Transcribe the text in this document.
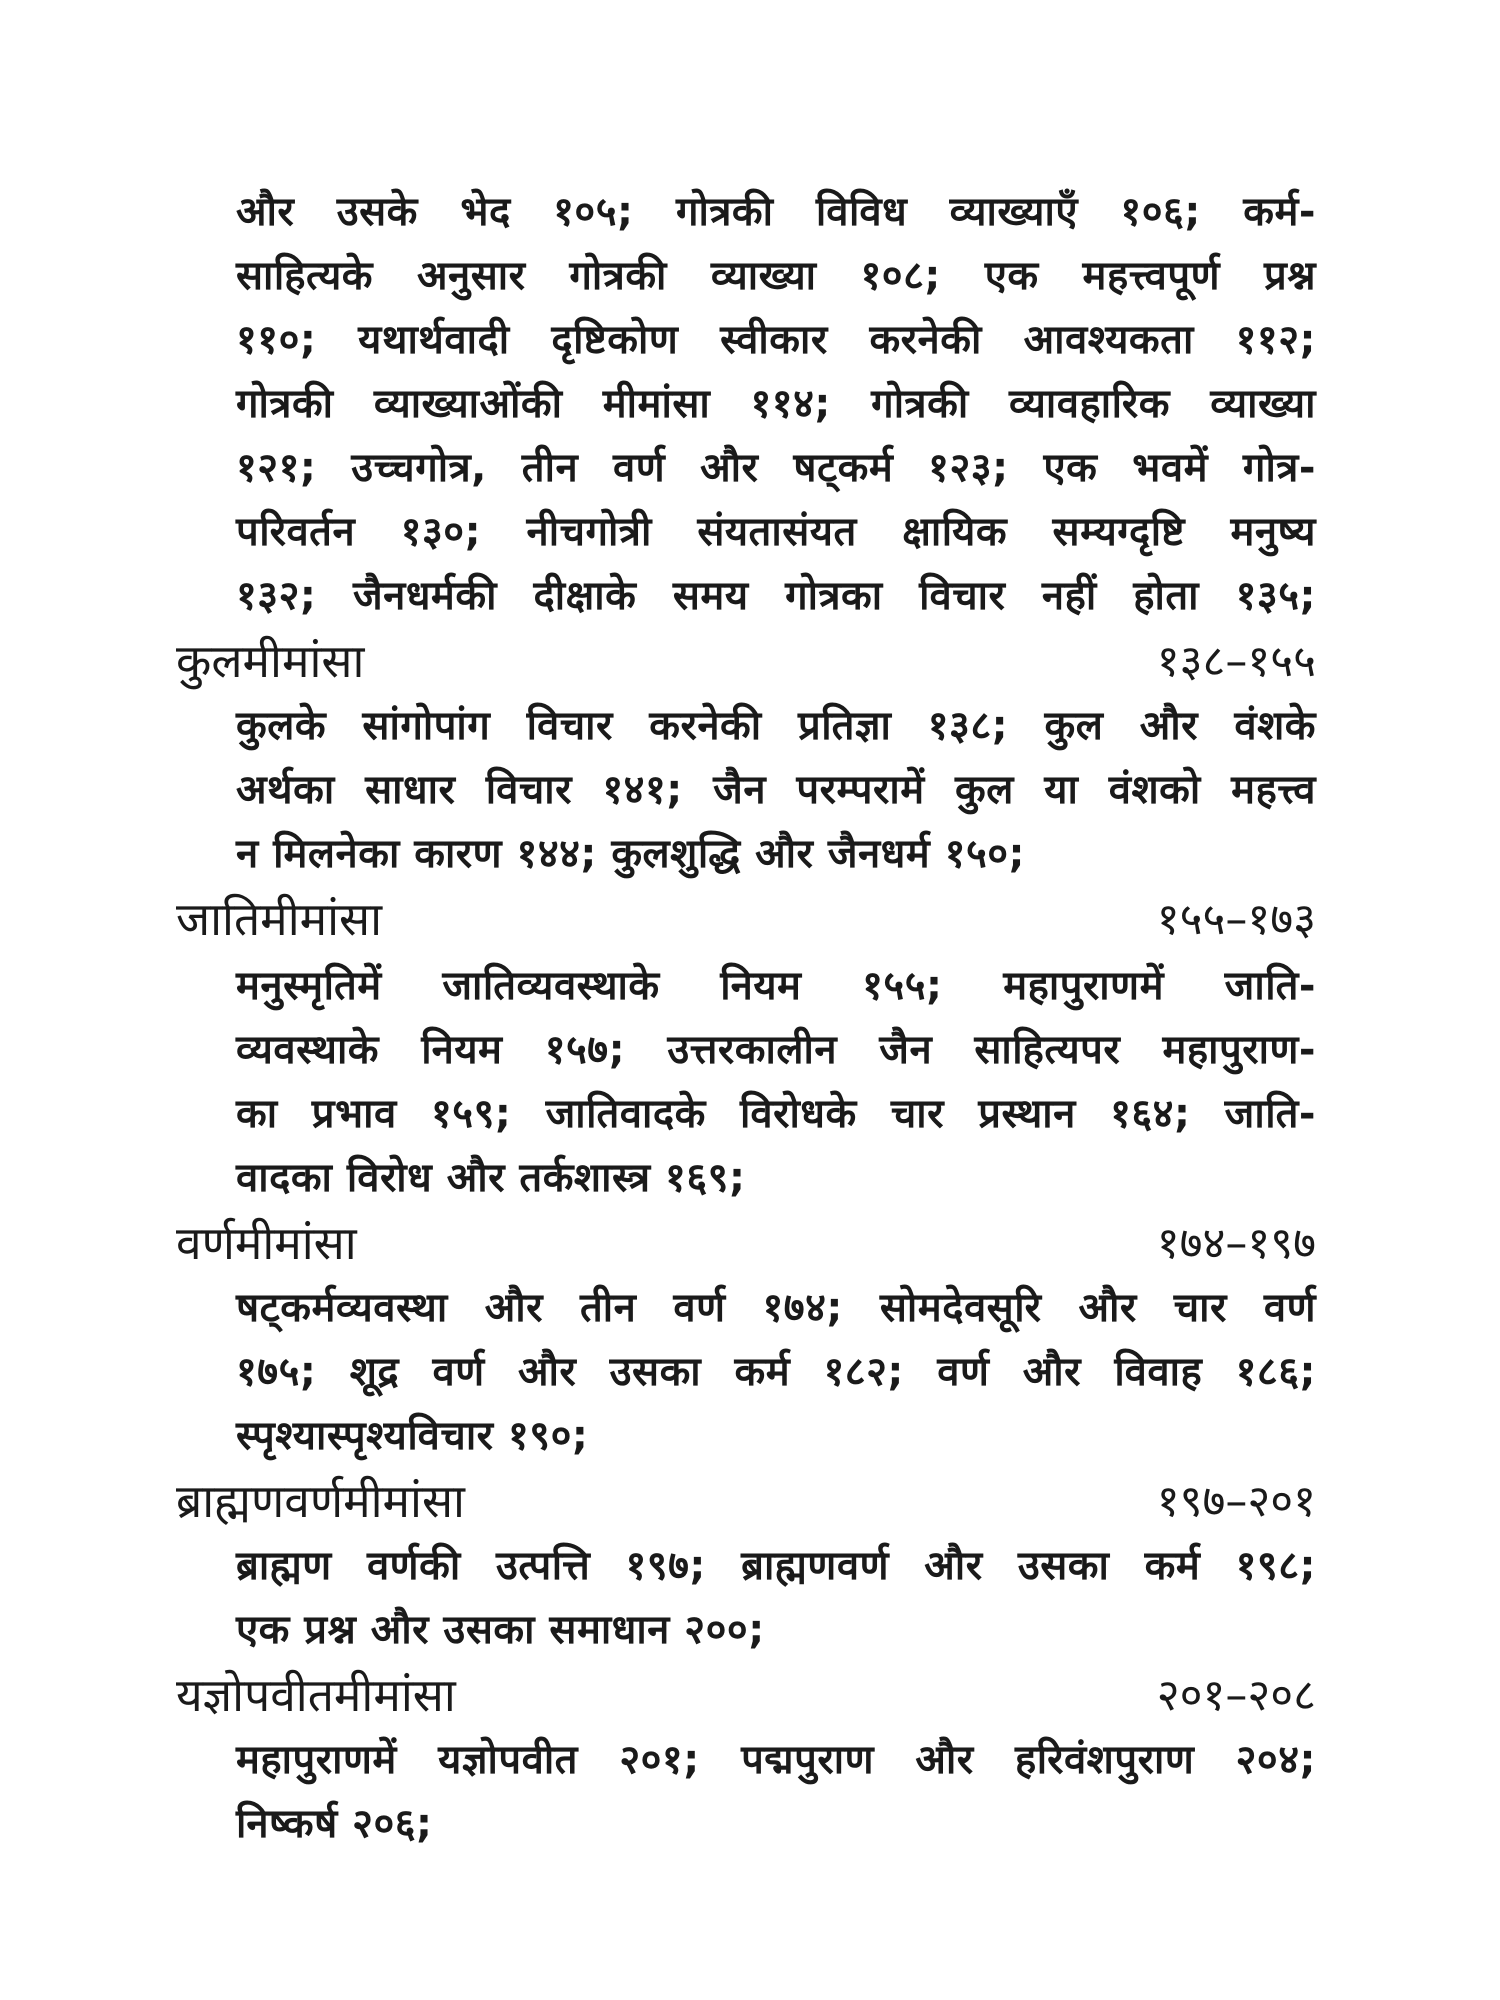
और उसके भेद १०५; गोत्रकी विविध व्याख्याएँ १०६; कर्म-
साहित्यके अनुसार गोत्रकी व्याख्या १०८; एक महत्त्वपूर्ण प्रश्न
११०; यथार्थवादी दृष्टिकोण स्वीकार करनेकी आवश्यकता ११२;
गोत्रकी व्याख्याओंकी मीमांसा ११४; गोत्रकी व्यावहारिक व्याख्या
१२१; उच्चगोत्र, तीन वर्ण और षट्कर्म १२३; एक भवमें गोत्र-
परिवर्तन १३०; नीचगोत्री संयतासंयत क्षायिक सम्यग्दृष्टि मनुष्य
१३२; जैनधर्मकी दीक्षाके समय गोत्रका विचार नहीं होता १३५;
कुलमीमांसा	१३८–१५५
कुलके सांगोपांग विचार करनेकी प्रतिज्ञा १३८; कुल और वंशके
अर्थका साधार विचार १४१; जैन परम्परामें कुल या वंशको महत्त्व
न मिलनेका कारण १४४; कुलशुद्धि और जैनधर्म १५०;
जातिमीमांसा	१५५–१७३
मनुस्मृतिमें जातिव्यवस्थाके नियम १५५; महापुराणमें जाति-
व्यवस्थाके नियम १५७; उत्तरकालीन जैन साहित्यपर महापुराण-
का प्रभाव १५९; जातिवादके विरोधके चार प्रस्थान १६४; जाति-
वादका विरोध और तर्कशास्त्र १६९;
वर्णमीमांसा	१७४–१९७
षट्कर्मव्यवस्था और तीन वर्ण १७४; सोमदेवसूरि और चार वर्ण
१७५; शूद्र वर्ण और उसका कर्म १८२; वर्ण और विवाह १८६;
स्पृश्यास्पृश्यविचार १९०;
ब्राह्मणवर्णमीमांसा	१९७–२०१
ब्राह्मण वर्णकी उत्पत्ति १९७; ब्राह्मणवर्ण और उसका कर्म १९८;
एक प्रश्न और उसका समाधान २००;
यज्ञोपवीतमीमांसा	२०१–२०८
महापुराणमें यज्ञोपवीत २०१; पद्मपुराण और हरिवंशपुराण २०४;
निष्कर्ष २०६;
